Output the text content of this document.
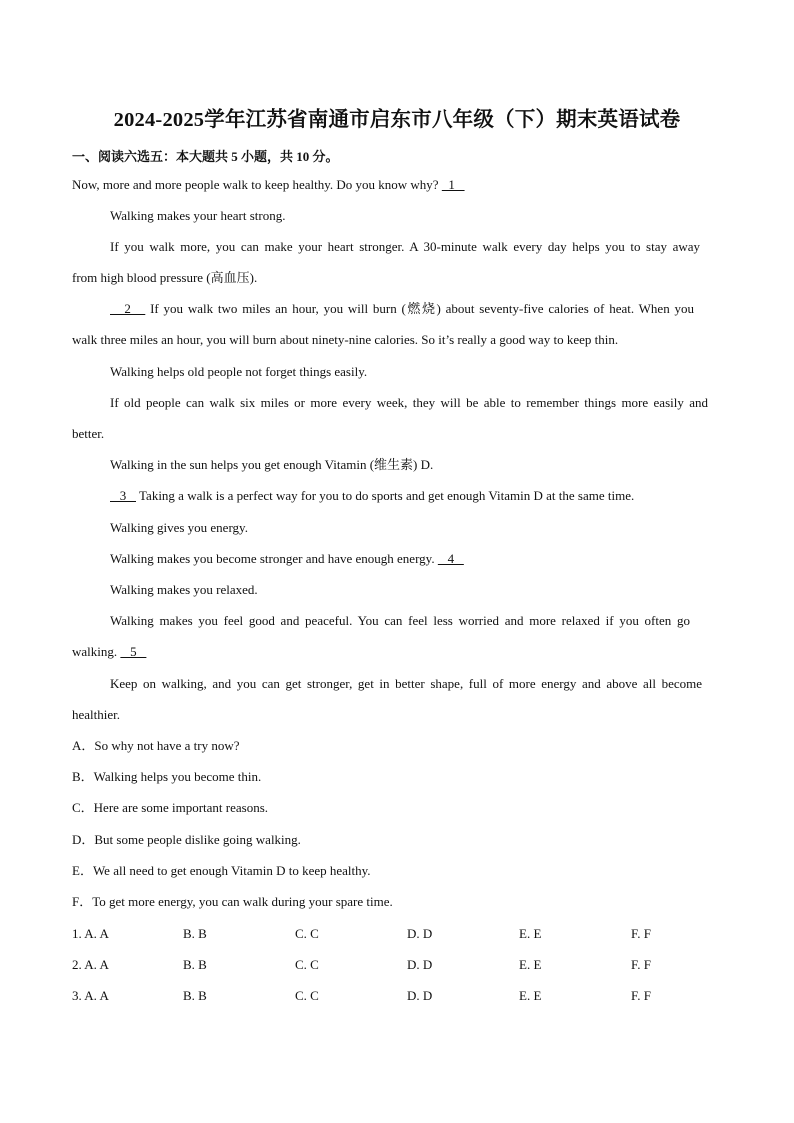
2024-2025学年江苏省南通市启东市八年级（下）期末英语试卷
一、阅读六选五：本大题共 5 小题，共 10 分。
Now, more and more people walk to keep healthy. Do you know why?   1
Walking makes your heart strong.
If you walk more, you can make your heart stronger. A 30-minute walk every day helps you to stay away
from high blood pressure (高血压).
2    If you walk two miles an hour, you will burn (燃烧) about seventy-five calories of heat. When you
walk three miles an hour, you will burn about ninety-nine calories. So it’s really a good way to keep thin.
Walking helps old people not forget things easily.
If old people can walk six miles or more every week, they will be able to remember things more easily and
better.
Walking in the sun helps you get enough Vitamin (维生素) D.
3    Taking a walk is a perfect way for you to do sports and get enough Vitamin D at the same time.
Walking gives you energy.
Walking makes you become stronger and have enough energy.    4
Walking makes you relaxed.
Walking makes you feel good and peaceful. You can feel less worried and more relaxed if you often go
walking.    5
Keep on walking, and you can get stronger, get in better shape, full of more energy and above all become
healthier.
A．So why not have a try now?
B．Walking helps you become thin.
C．Here are some important reasons.
D．But some people dislike going walking.
E．We all need to get enough Vitamin D to keep healthy.
F．To get more energy, you can walk during your spare time.
1. A. A	B. B	C. C	D. D	E. E	F. F
2. A. A	B. B	C. C	D. D	E. E	F. F
3. A. A	B. B	C. C	D. D	E. E	F. F
